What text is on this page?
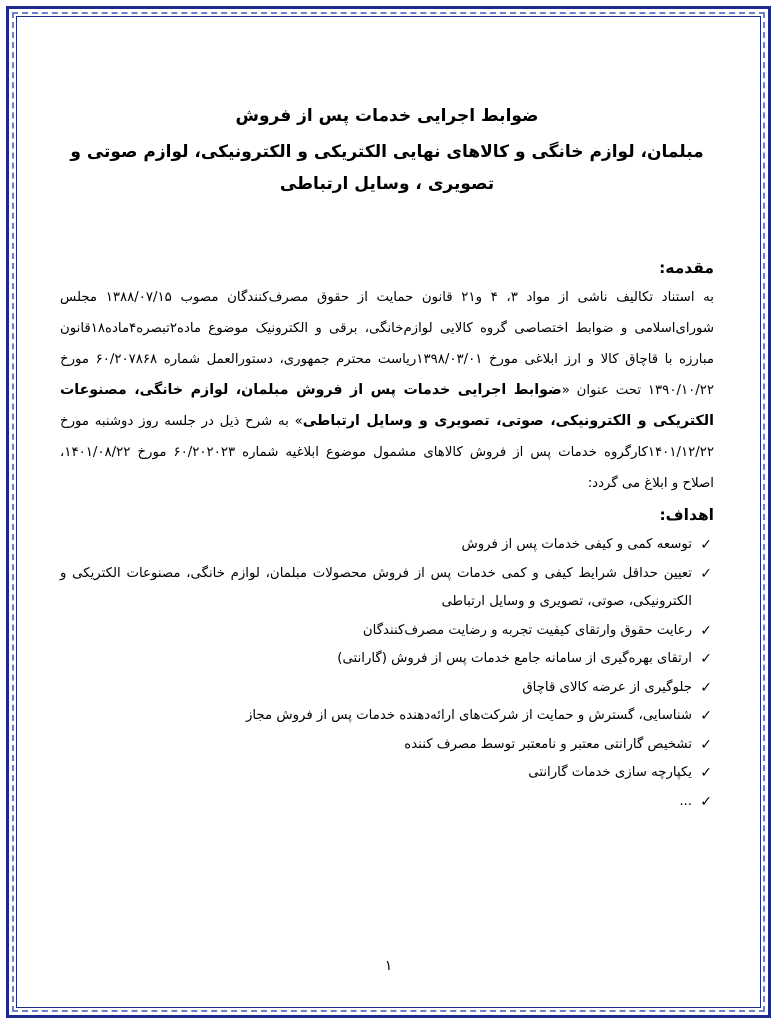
ضوابط اجرایی خدمات پس از فروش

مبلمان، لوازم خانگی و کالاهای نهایی الکتریکی و الکترونیکی، لوازم صوتی و تصویری ، وسایل ارتباطی

مقدمه:

به استناد تکالیف ناشی از مواد ۳، ۴ و۲۱ قانون حمایت از حقوق مصرف‌کنندگان مصوب ۱۳۸۸/۰۷/۱۵ مجلس شورای‌اسلامی و ضوابط اختصاصی گروه کالایی لوازم‌خانگی، برقی و الکترونیک موضوع ماده۲تبصره۴ماده۱۸قانون مبارزه با قاچاق کالا و ارز ابلاغی مورخ ۱۳۹۸/۰۳/۰۱ریاست محترم جمهوری، دستورالعمل شماره ۶۰/۲۰۷۸۶۸ مورخ ۱۳۹۰/۱۰/۲۲ تحت عنوان «ضوابط اجرایی خدمات پس از فروش مبلمان، لوازم خانگی، مصنوعات الکتریکی و الکترونیکی، صوتی، تصویری و وسایل ارتباطی» به شرح ذیل در جلسه روز دوشنبه مورخ ۱۴۰۱/۱۲/۲۲کارگروه خدمات پس از فروش کالاهای مشمول موضوع ابلاغیه شماره ۶۰/۲۰۲۰۲۳ مورخ ۱۴۰۱/۰۸/۲۲، اصلاح و ابلاغ می گردد:

اهداف:

✓
توسعه کمی و کیفی خدمات پس از فروش
✓
تعیین حداقل شرایط کیفی و کمی خدمات پس از فروش محصولات مبلمان، لوازم خانگی، مصنوعات الکتریکی و الکترونیکی، صوتی، تصویری و وسایل ارتباطی
✓
رعایت حقوق وارتقای کیفیت تجربه و رضایت مصرف‌کنندگان
✓
ارتقای بهره‌گیری از سامانه جامع خدمات پس از فروش (گارانتی)
✓
جلوگیری از عرضه کالای قاچاق
✓
شناسایی، گسترش و حمایت از شرکت‌های ارائه‌دهنده خدمات پس از فروش مجاز
✓
تشخیص گارانتی معتبر و نامعتبر توسط مصرف کننده
✓
یکپارچه سازی خدمات گارانتی
✓
...
۱
